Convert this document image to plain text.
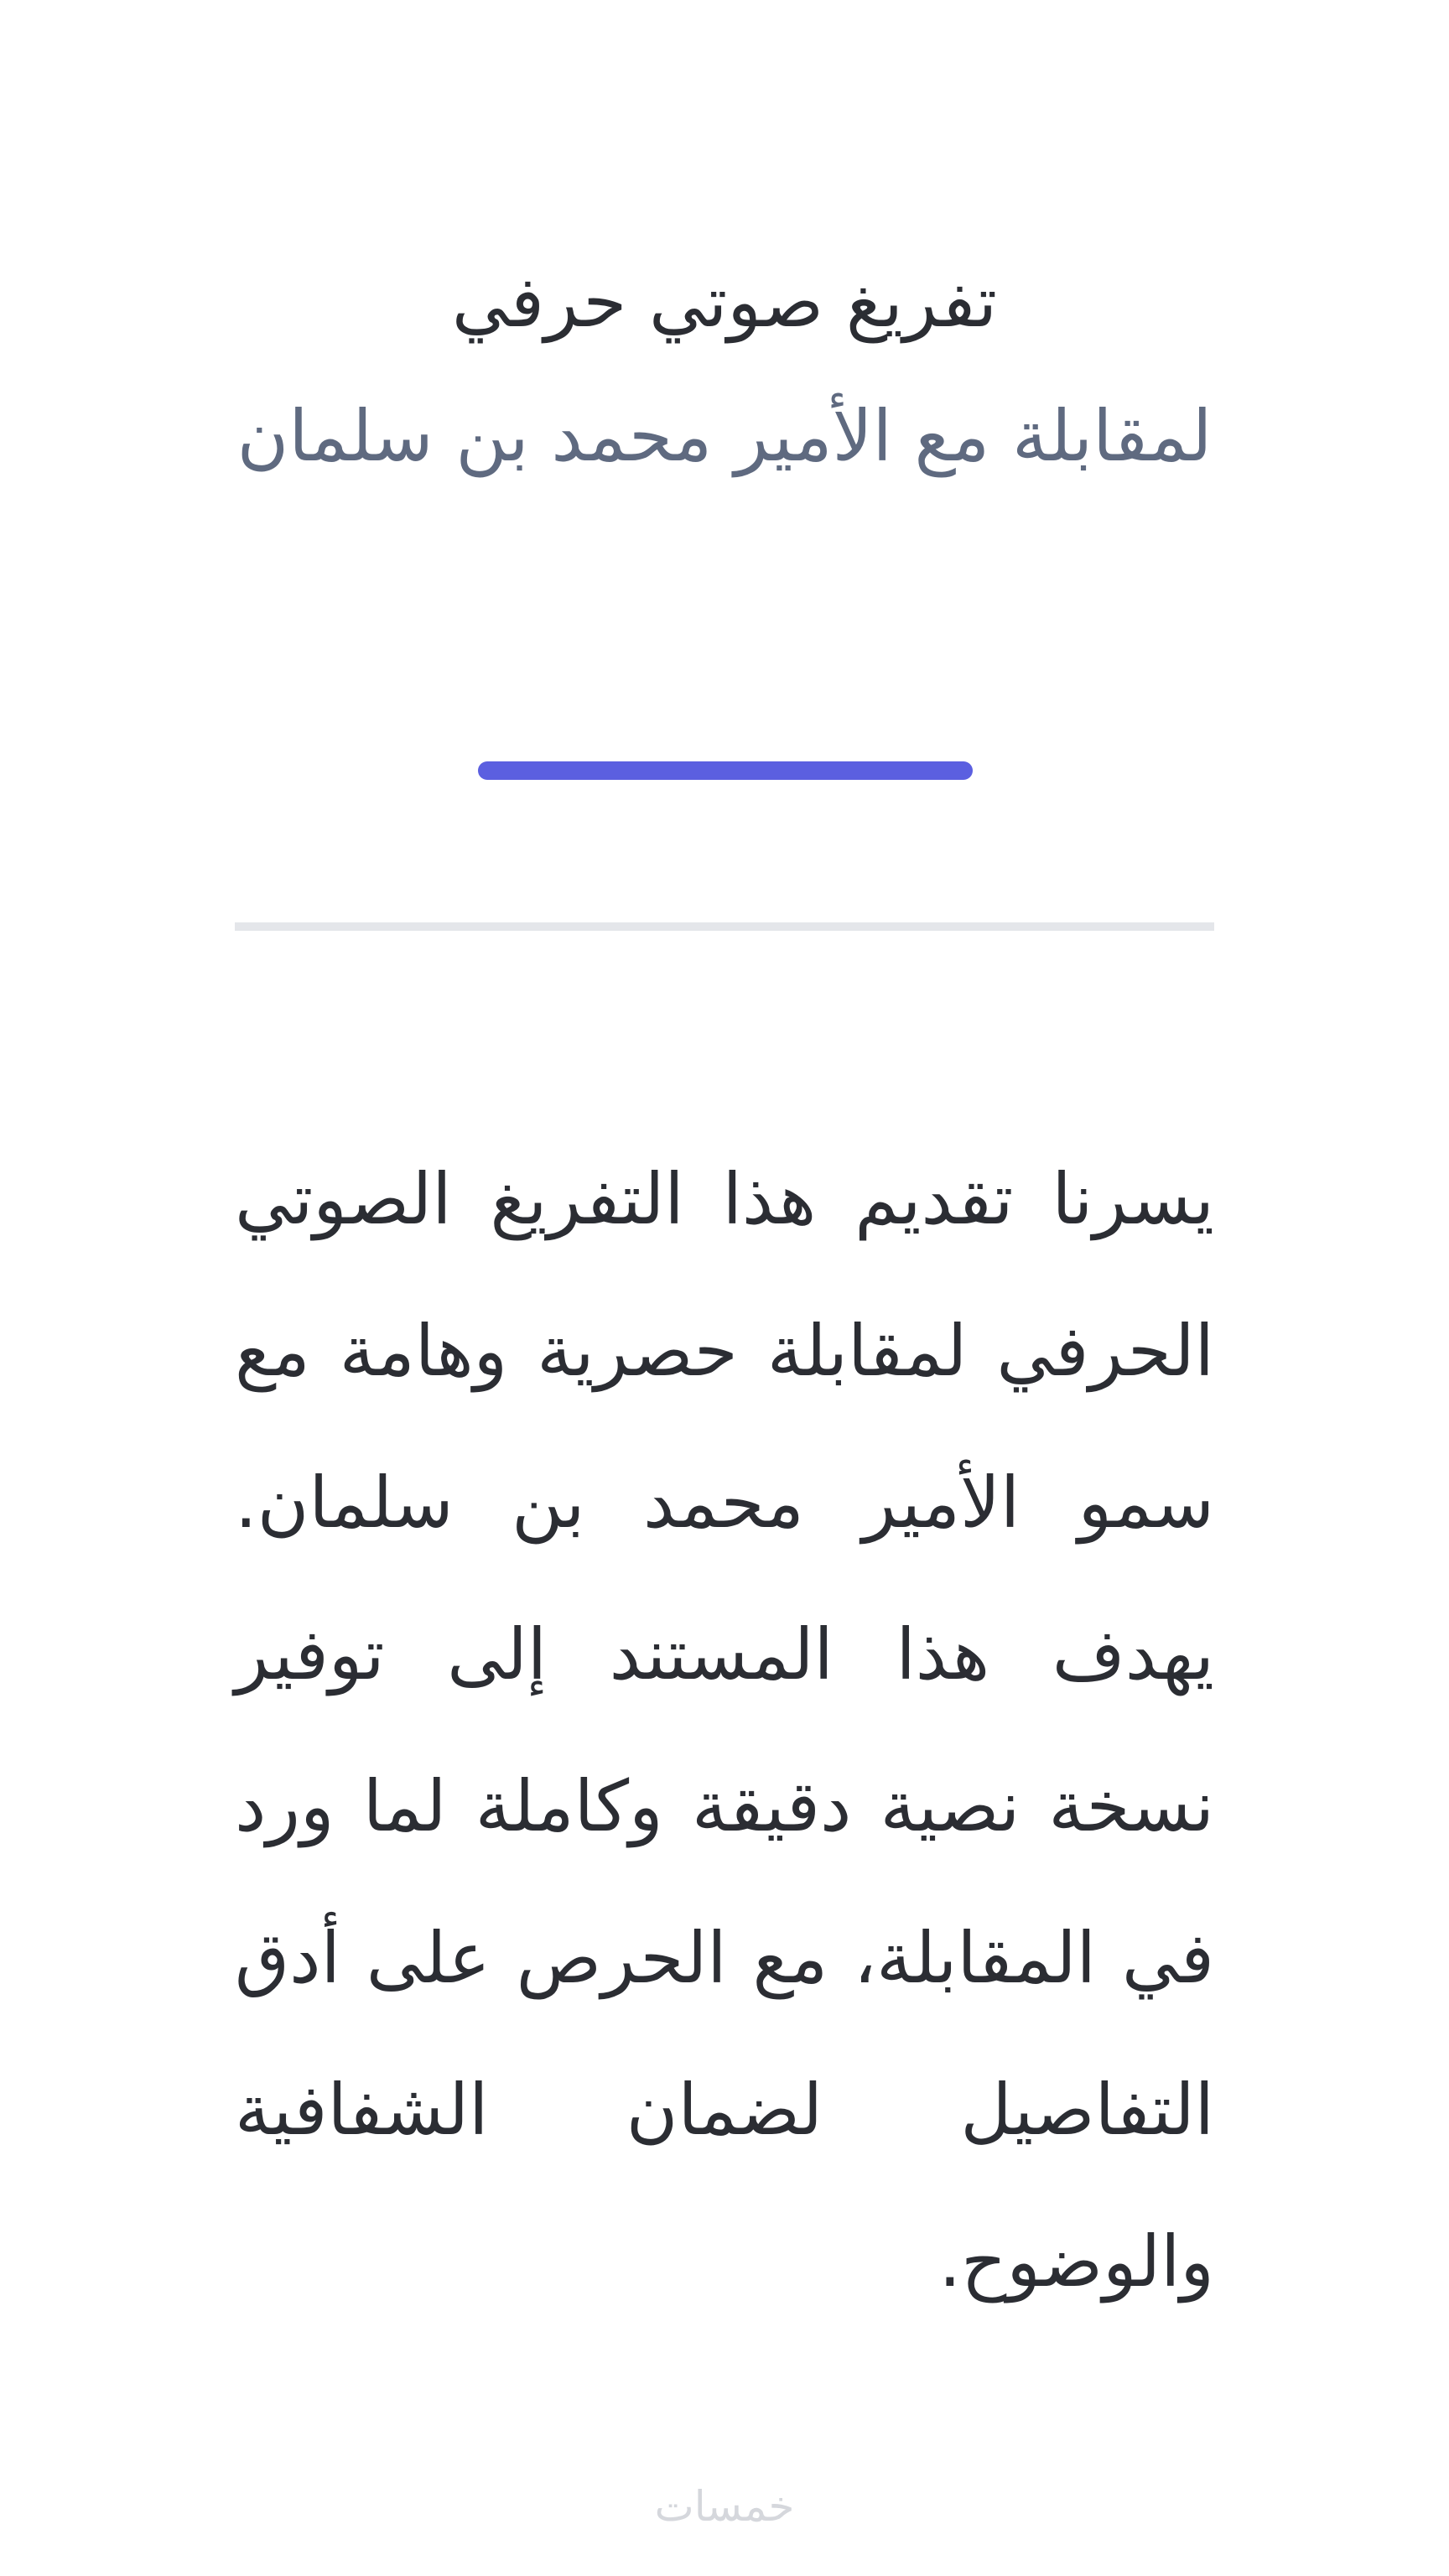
تفريغ صوتي حرفي
لمقابلة مع الأمير محمد بن سلمان

يسرنا تقديم هذا التفريغ الصوتي الحرفي لمقابلة حصرية وهامة مع سمو الأمير محمد بن سلمان. يهدف هذا المستند إلى توفير نسخة نصية دقيقة وكاملة لما ورد في المقابلة، مع الحرص على أدق التفاصيل لضمان الشفافية والوضوح.

خمسات
